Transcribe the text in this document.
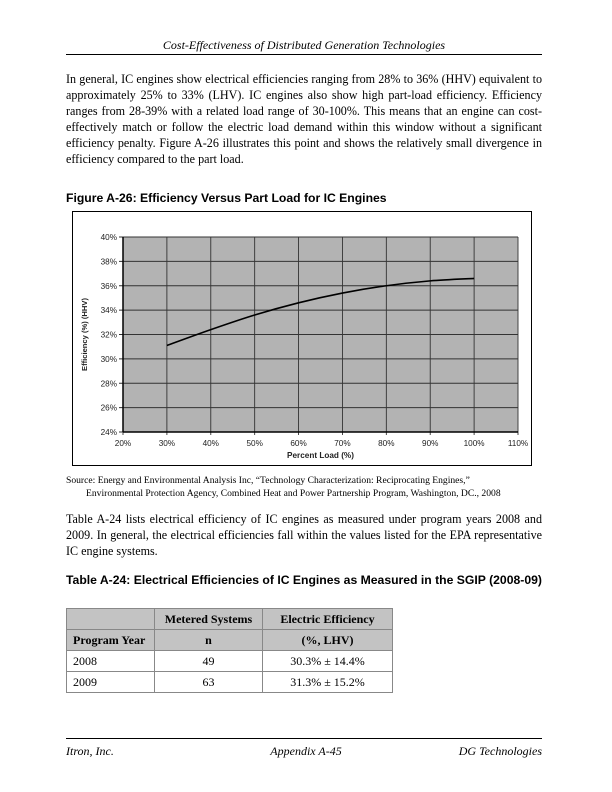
Cost-Effectiveness of Distributed Generation Technologies
In general, IC engines show electrical efficiencies ranging from 28% to 36% (HHV) equivalent to approximately 25% to 33% (LHV). IC engines also show high part-load efficiency. Efficiency ranges from 28-39% with a related load range of 30-100%. This means that an engine can cost-effectively match or follow the electric load demand within this window without a significant efficiency penalty. Figure A-26 illustrates this point and shows the relatively small divergence in efficiency compared to the part load.
Figure A-26: Efficiency Versus Part Load for IC Engines
20%	30%	40%	50%	60%	70%	80%	90%	100%	110%
24%
26%
28%
30%
32%
34%
36%
38%
40%
Percent Load (%)
Efficiency (%) (HHV)
Source: Energy and Environmental Analysis Inc, “Technology Characterization: Reciprocating Engines,”
Environmental Protection Agency, Combined Heat and Power Partnership Program, Washington, DC., 2008
Table A-24 lists electrical efficiency of IC engines as measured under program years 2008 and 2009. In general, the electrical efficiencies fall within the values listed for the EPA representative IC engine systems.
Table A-24: Electrical Efficiencies of IC Engines as Measured in the SGIP (2008-09)
	Metered Systems	Electric Efficiency
Program Year	n	(%, LHV)
2008	49	30.3% ± 14.4%
2009	63	31.3% ± 15.2%
Itron, Inc.	Appendix A-45	DG Technologies
